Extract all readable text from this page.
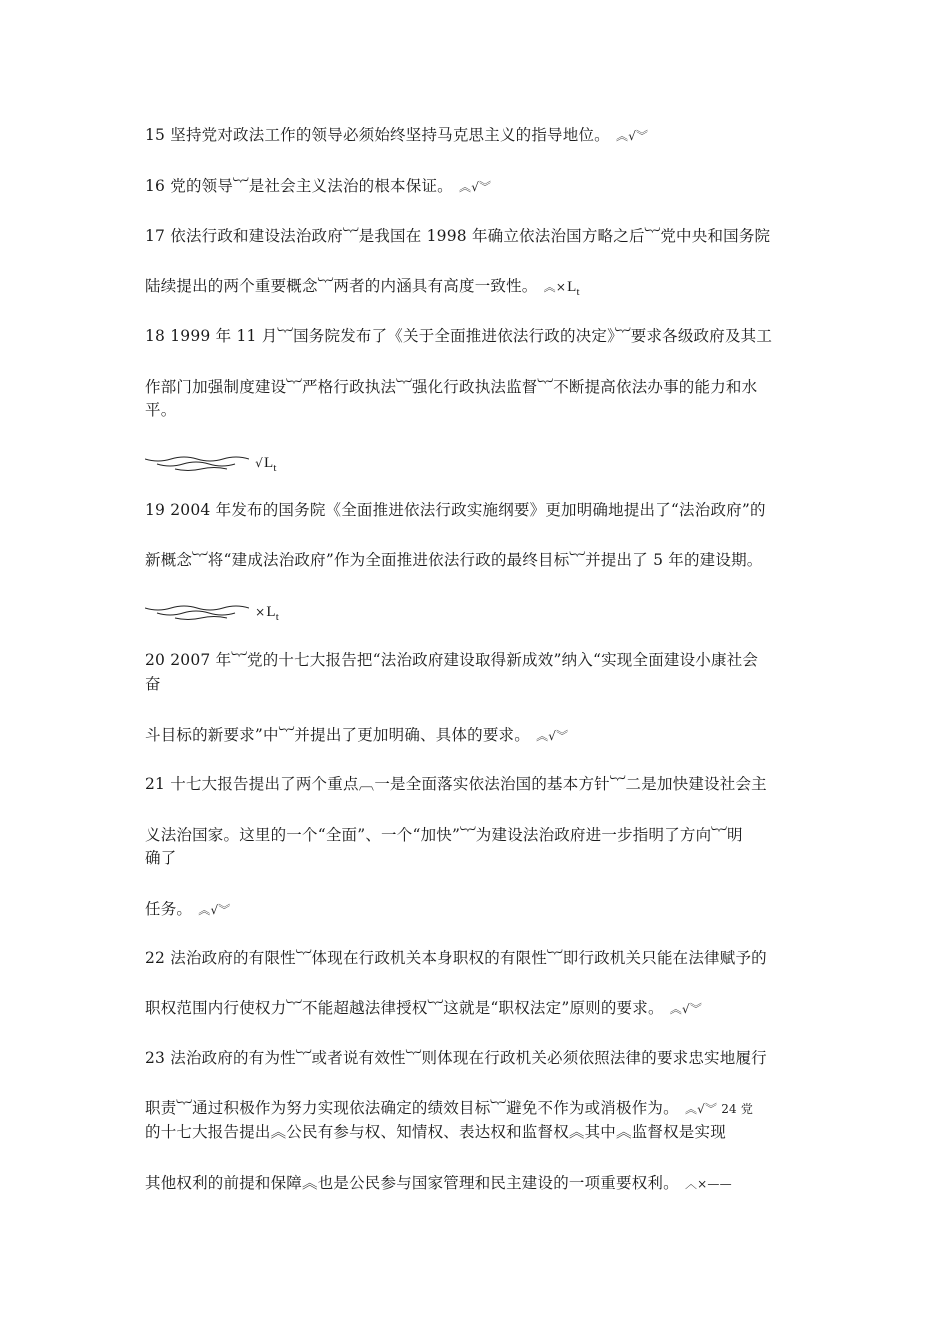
15 坚持党对政法工作的领导必须始终坚持马克思主义的指导地位。 ︽√︾
16 党的领导︸是社会主义法治的根本保证。 ︽√︾
17 依法行政和建设法治政府︸是我国在 1998 年确立依法治国方略之后︸党中央和国务院
陆续提出的两个重要概念︸两者的内涵具有高度一致性。 $︽\times L_t$
18 1999 年 11 月︸国务院发布了《关于全面推进依法行政的决定》︸要求各级政府及其工
作部门加强制度建设︸严格行政执法︸强化行政执法监督︸不断提高依法办事的能力和水
平。
$√L_t$
19 2004 年发布的国务院《全面推进依法行政实施纲要》更加明确地提出了“法治政府”的
新概念︸将“建成法治政府”作为全面推进依法行政的最终目标︸并提出了 5 年的建设期。
$\times L_t$
20 2007 年︸党的十七大报告把“法治政府建设取得新成效”纳入“实现全面建设小康社会
奋
斗目标的新要求”中︸并提出了更加明确、具体的要求。 ︽√︾
21 十七大报告提出了两个重点︹一是全面落实依法治国的基本方针︸二是加快建设社会主
义法治国家。这里的一个“全面”、一个“加快”︸为建设法治政府进一步指明了方向︸明
确了
任务。 ︽√︾
22 法治政府的有限性︸体现在行政机关本身职权的有限性︸即行政机关只能在法律赋予的
职权范围内行使权力︸不能超越法律授权︸这就是“职权法定”原则的要求。 ︽√︾
23 法治政府的有为性︸或者说有效性︸则体现在行政机关必须依照法律的要求忠实地履行
职责︸通过积极作为努力实现依法确定的绩效目标︸避免不作为或消极作为。 ︽√︾ 24 党
的十七大报告提出︽公民有参与权、知情权、表达权和监督权︽其中︽监督权是实现
其他权利的前提和保障︽也是公民参与国家管理和民主建设的一项重要权利。 ︿×——
